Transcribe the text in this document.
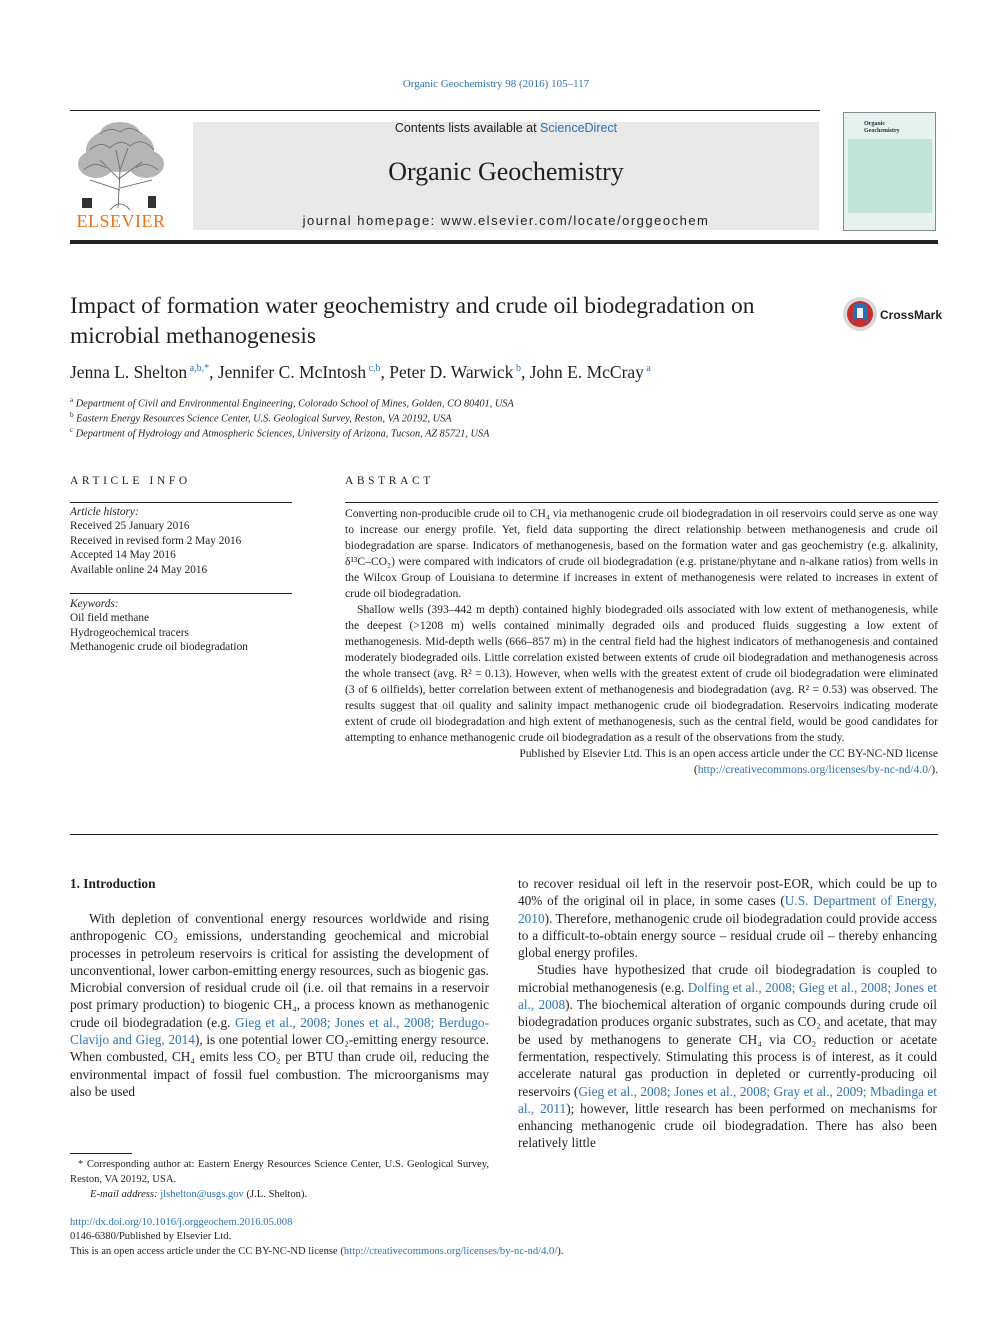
Organic Geochemistry 98 (2016) 105–117
ELSEVIER
Contents lists available at ScienceDirect
Organic Geochemistry
journal homepage: www.elsevier.com/locate/orggeochem
Organic
Geochemistry
Impact of formation water geochemistry and crude oil biodegradation on
microbial methanogenesis
CrossMark
Jenna L. Shelton $^{a,b,*}$, Jennifer C. McIntosh $^{c,b}$, Peter D. Warwick $^b$, John E. McCray $^a$
$^a$ Department of Civil and Environmental Engineering, Colorado School of Mines, Golden, CO 80401, USA
$^b$ Eastern Energy Resources Science Center, U.S. Geological Survey, Reston, VA 20192, USA
$^c$ Department of Hydrology and Atmospheric Sciences, University of Arizona, Tucson, AZ 85721, USA
ARTICLE INFO
Article history:
Received 25 January 2016
Received in revised form 2 May 2016
Accepted 14 May 2016
Available online 24 May 2016
Keywords:
Oil field methane
Hydrogeochemical tracers
Methanogenic crude oil biodegradation
ABSTRACT

Converting non-producible crude oil to CH₄ via methanogenic crude oil biodegradation in oil reservoirs could serve as one way to increase our energy profile. Yet, field data supporting the direct relationship between methanogenesis and crude oil biodegradation are sparse. Indicators of methanogenesis, based on the formation water and gas geochemistry (e.g. alkalinity, δ¹³C–CO₂) were compared with indicators of crude oil biodegradation (e.g. pristane/phytane and n-alkane ratios) from wells in the Wilcox Group of Louisiana to determine if increases in extent of methanogenesis were related to increases in extent of crude oil biodegradation.

Shallow wells (393–442 m depth) contained highly biodegraded oils associated with low extent of methanogenesis, while the deepest (>1208 m) wells contained minimally degraded oils and produced fluids suggesting a low extent of methanogenesis. Mid-depth wells (666–857 m) in the central field had the highest indicators of methanogenesis and contained moderately biodegraded oils. Little correlation existed between extents of crude oil biodegradation and methanogenesis across the whole transect (avg. R² = 0.13). However, when wells with the greatest extent of crude oil biodegradation were eliminated (3 of 6 oilfields), better correlation between extent of methanogenesis and biodegradation (avg. R² = 0.53) was observed. The results suggest that oil quality and salinity impact methanogenic crude oil biodegradation. Reservoirs indicating moderate extent of crude oil biodegradation and high extent of methanogenesis, such as the central field, would be good candidates for attempting to enhance methanogenic crude oil biodegradation as a result of the observations from the study.

Published by Elsevier Ltd. This is an open access article under the CC BY-NC-ND license (http://creativecommons.org/licenses/by-nc-nd/4.0/).

1. Introduction

With depletion of conventional energy resources worldwide and rising anthropogenic CO₂ emissions, understanding geochemical and microbial processes in petroleum reservoirs is critical for assisting the development of unconventional, lower carbon-emitting energy resources, such as biogenic gas. Microbial conversion of residual crude oil (i.e. oil that remains in a reservoir post primary production) to biogenic CH₄, a process known as methanogenic crude oil biodegradation (e.g. Gieg et al., 2008; Jones et al., 2008; Berdugo-Clavijo and Gieg, 2014), is one potential lower CO₂-emitting energy resource. When combusted, CH₄ emits less CO₂ per BTU than crude oil, reducing the environmental impact of fossil fuel combustion. The microorganisms may also be used

to recover residual oil left in the reservoir post-EOR, which could be up to 40% of the original oil in place, in some cases (U.S. Department of Energy, 2010). Therefore, methanogenic crude oil biodegradation could provide access to a difficult-to-obtain energy source – residual crude oil – thereby enhancing global energy profiles.

Studies have hypothesized that crude oil biodegradation is coupled to microbial methanogenesis (e.g. Dolfing et al., 2008; Gieg et al., 2008; Jones et al., 2008). The biochemical alteration of organic compounds during crude oil biodegradation produces organic substrates, such as CO₂ and acetate, that may be used by methanogens to generate CH₄ via CO₂ reduction or acetate fermentation, respectively. Stimulating this process is of interest, as it could accelerate natural gas production in depleted or currently-producing oil reservoirs (Gieg et al., 2008; Jones et al., 2008; Gray et al., 2009; Mbadinga et al., 2011); however, little research has been performed on mechanisms for enhancing methanogenic crude oil biodegradation. There has also been relatively little

* Corresponding author at: Eastern Energy Resources Science Center, U.S. Geological Survey, Reston, VA 20192, USA.
E-mail address: jlshelton@usgs.gov (J.L. Shelton).
http://dx.doi.org/10.1016/j.orggeochem.2016.05.008
0146-6380/Published by Elsevier Ltd.
This is an open access article under the CC BY-NC-ND license (http://creativecommons.org/licenses/by-nc-nd/4.0/).
